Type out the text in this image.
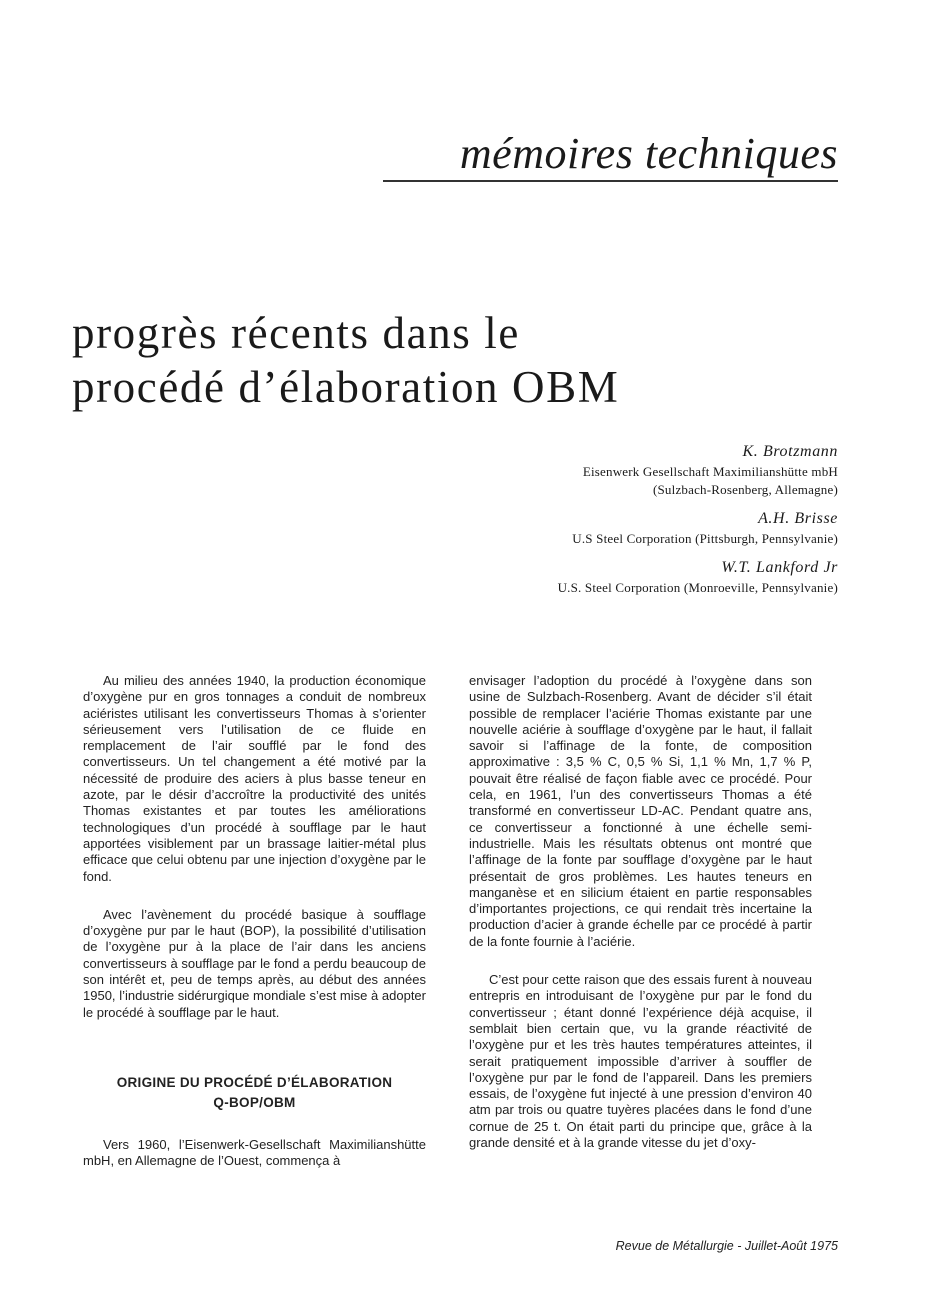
mémoires techniques
progrès récents dans le
procédé d’élaboration OBM
K. Brotzmann
Eisenwerk Gesellschaft Maximilianshütte mbH
(Sulzbach-Rosenberg, Allemagne)
A.H. Brisse
U.S Steel Corporation (Pittsburgh, Pennsylvanie)
W.T. Lankford Jr
U.S. Steel Corporation (Monroeville, Pennsylvanie)

Au milieu des années 1940, la production économique d’oxygène pur en gros tonnages a conduit de nombreux aciéristes utilisant les convertisseurs Thomas à s’orienter sérieusement vers l’utilisation de ce fluide en remplacement de l’air soufflé par le fond des convertisseurs. Un tel changement a été motivé par la nécessité de produire des aciers à plus basse teneur en azote, par le désir d’accroître la productivité des unités Thomas existantes et par toutes les améliorations technologiques d’un procédé à soufflage par le haut apportées visiblement par un brassage laitier-métal plus efficace que celui obtenu par une injection d’oxygène par le fond.

Avec l’avènement du procédé basique à soufflage d’oxygène pur par le haut (BOP), la possibilité d’utilisation de l’oxygène pur à la place de l’air dans les anciens convertisseurs à soufflage par le fond a perdu beaucoup de son intérêt et, peu de temps après, au début des années 1950, l’industrie sidérurgique mondiale s’est mise à adopter le procédé à soufflage par le haut.

ORIGINE DU PROCÉDÉ D’ÉLABORATION
Q-BOP/OBM

Vers 1960, l’Eisenwerk-Gesellschaft Maximilianshütte mbH, en Allemagne de l’Ouest, commença à

envisager l’adoption du procédé à l’oxygène dans son usine de Sulzbach-Rosenberg. Avant de décider s’il était possible de remplacer l’aciérie Thomas existante par une nouvelle aciérie à soufflage d’oxygène par le haut, il fallait savoir si l’affinage de la fonte, de composition approximative : 3,5 % C, 0,5 % Si, 1,1 % Mn, 1,7 % P, pouvait être réalisé de façon fiable avec ce procédé. Pour cela, en 1961, l’un des convertisseurs Thomas a été transformé en convertisseur LD-AC. Pendant quatre ans, ce convertisseur a fonctionné à une échelle semi-industrielle. Mais les résultats obtenus ont montré que l’affinage de la fonte par soufflage d’oxygène par le haut présentait de gros problèmes. Les hautes teneurs en manganèse et en silicium étaient en partie responsables d’importantes projections, ce qui rendait très incertaine la production d’acier à grande échelle par ce procédé à partir de la fonte fournie à l’aciérie.

C’est pour cette raison que des essais furent à nouveau entrepris en introduisant de l’oxygène pur par le fond du convertisseur ; étant donné l’expérience déjà acquise, il semblait bien certain que, vu la grande réactivité de l’oxygène pur et les très hautes températures atteintes, il serait pratiquement impossible d’arriver à souffler de l’oxygène pur par le fond de l’appareil. Dans les premiers essais, de l’oxygène fut injecté à une pression d’environ 40 atm par trois ou quatre tuyères placées dans le fond d’une cornue de 25 t. On était parti du principe que, grâce à la grande densité et à la grande vitesse du jet d’oxy-

Revue de Métallurgie - Juillet-Août 1975
